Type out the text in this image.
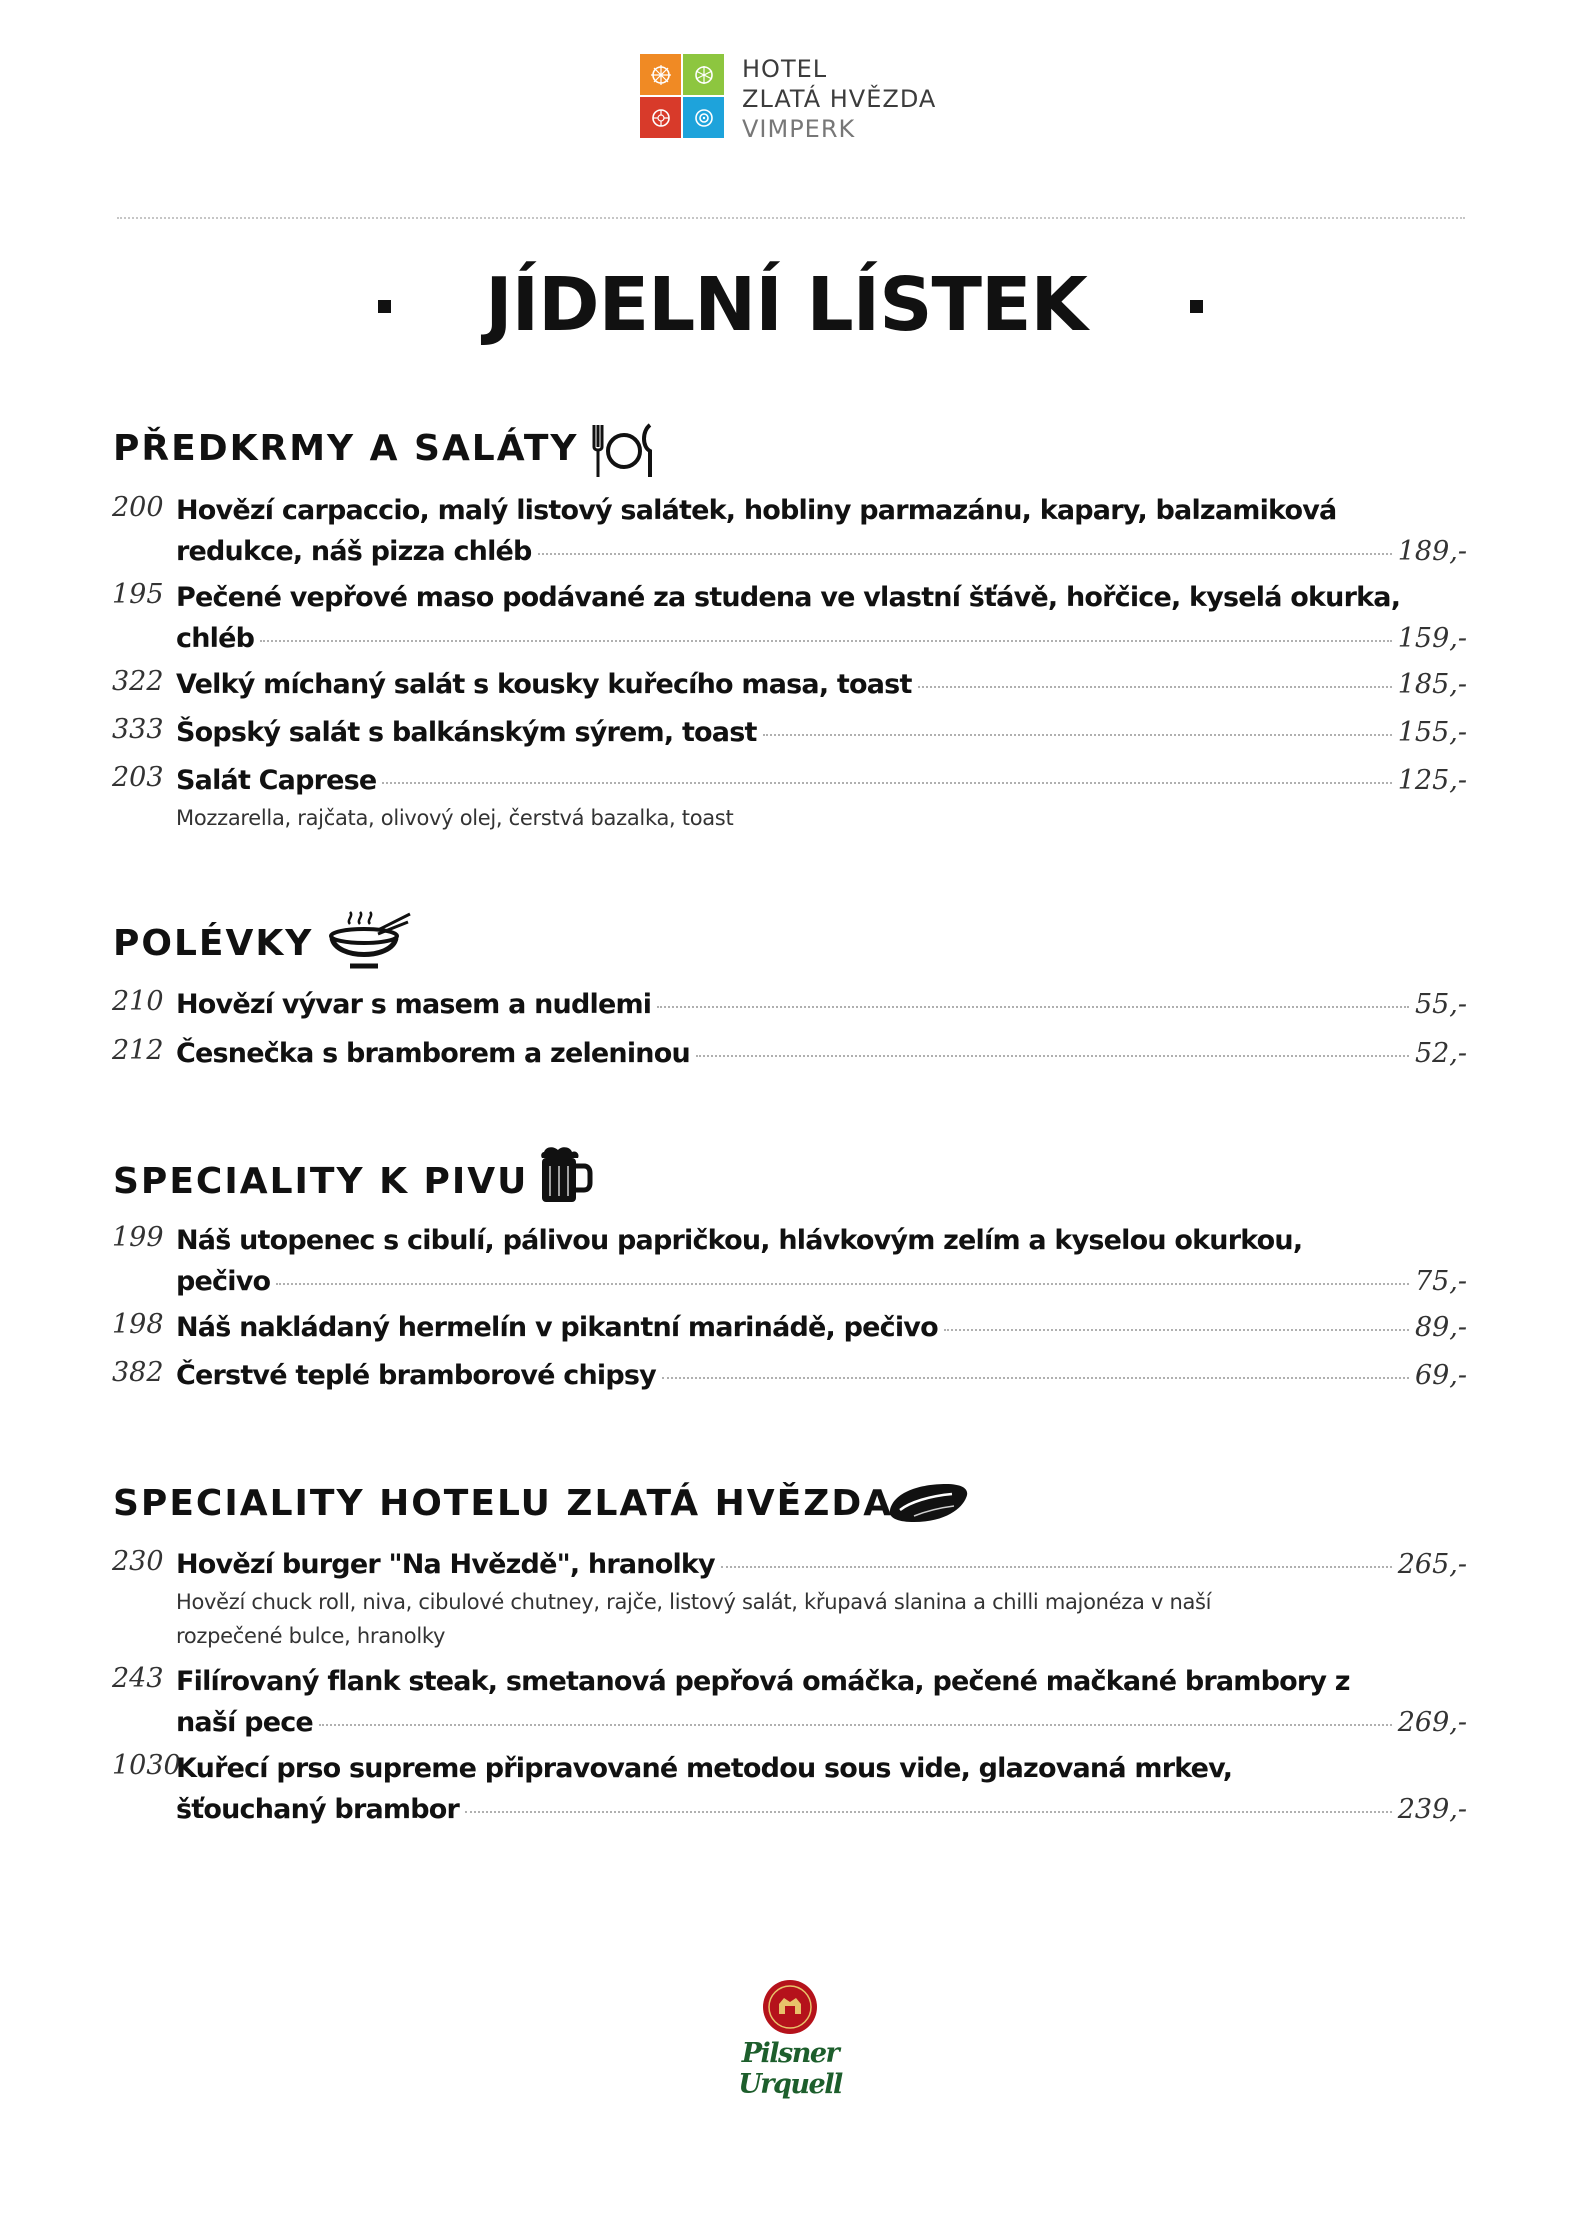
HOTEL
ZLATÁ HVĚZDA
VIMPERK
JÍDELNÍ LÍSTEK
PŘEDKRMY A SALÁTY
200 Hovězí carpaccio, malý listový salátek, hobliny parmazánu, kapary, balzamiková
redukce, náš pizza chléb	189,-
195 Pečené vepřové maso podávané za studena ve vlastní šťávě, hořčice, kyselá okurka,
chléb	159,-
322 Velký míchaný salát s kousky kuřecího masa, toast	185,-
333 Šopský salát s balkánským sýrem, toast	155,-
203 Salát Caprese	125,-
Mozzarella, rajčata, olivový olej, čerstvá bazalka, toast
POLÉVKY
210 Hovězí vývar s masem a nudlemi	55,-
212 Česnečka s bramborem a zeleninou	52,-
SPECIALITY K PIVU
199 Náš utopenec s cibulí, pálivou papričkou, hlávkovým zelím a kyselou okurkou,
pečivo	75,-
198 Náš nakládaný hermelín v pikantní marinádě, pečivo	89,-
382 Čerstvé teplé bramborové chipsy	69,-
SPECIALITY HOTELU ZLATÁ HVĚZDA
230 Hovězí burger "Na Hvězdě", hranolky	265,-
Hovězí chuck roll, niva, cibulové chutney, rajče, listový salát, křupavá slanina a chilli majonéza v naší
rozpečené bulce, hranolky
243 Filírovaný flank steak, smetanová pepřová omáčka, pečené mačkané brambory z
naší pece	269,-
1030
Kuřecí prso supreme připravované metodou sous vide, glazovaná mrkev,
šťouchaný brambor	239,-
Pilsner Urquell
